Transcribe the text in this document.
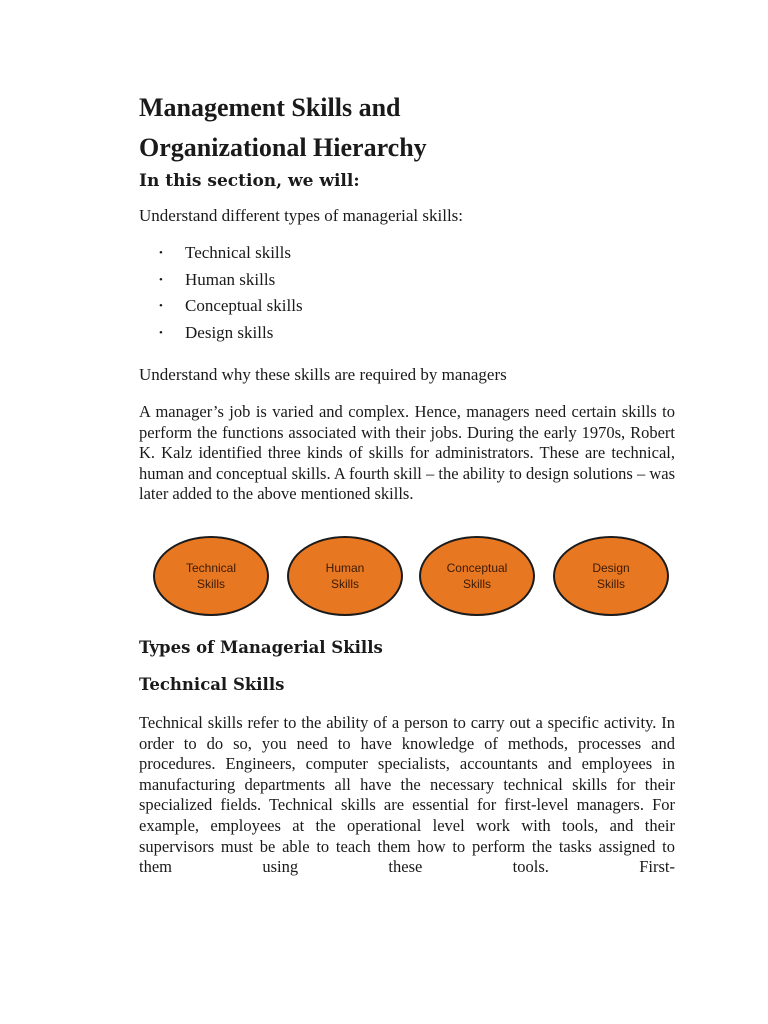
Management Skills and
Organizational Hierarchy

In this section, we will:

Understand different types of managerial skills:

• Technical skills
• Human skills
• Conceptual skills
• Design skills

Understand why these skills are required by managers

A manager’s job is varied and complex. Hence, managers need certain skills to perform the functions associated with their jobs. During the early 1970s, Robert K. Kalz identified three kinds of skills for administrators. These are technical, human and conceptual skills. A fourth skill – the ability to design solutions – was later added to the above mentioned skills.

Technical
Skills
Human
Skills
Conceptual
Skills
Design
Skills
Types of Managerial Skills
Technical Skills

Technical skills refer to the ability of a person to carry out a specific activity. In order to do so, you need to have knowledge of methods, processes and procedures. Engineers, computer specialists, accountants and employees in manufacturing departments all have the necessary technical skills for their specialized fields. Technical skills are essential for first-level managers. For example, employees at the operational level work with tools, and their supervisors must be able to teach them how to perform the tasks assigned to them using these tools. First-
